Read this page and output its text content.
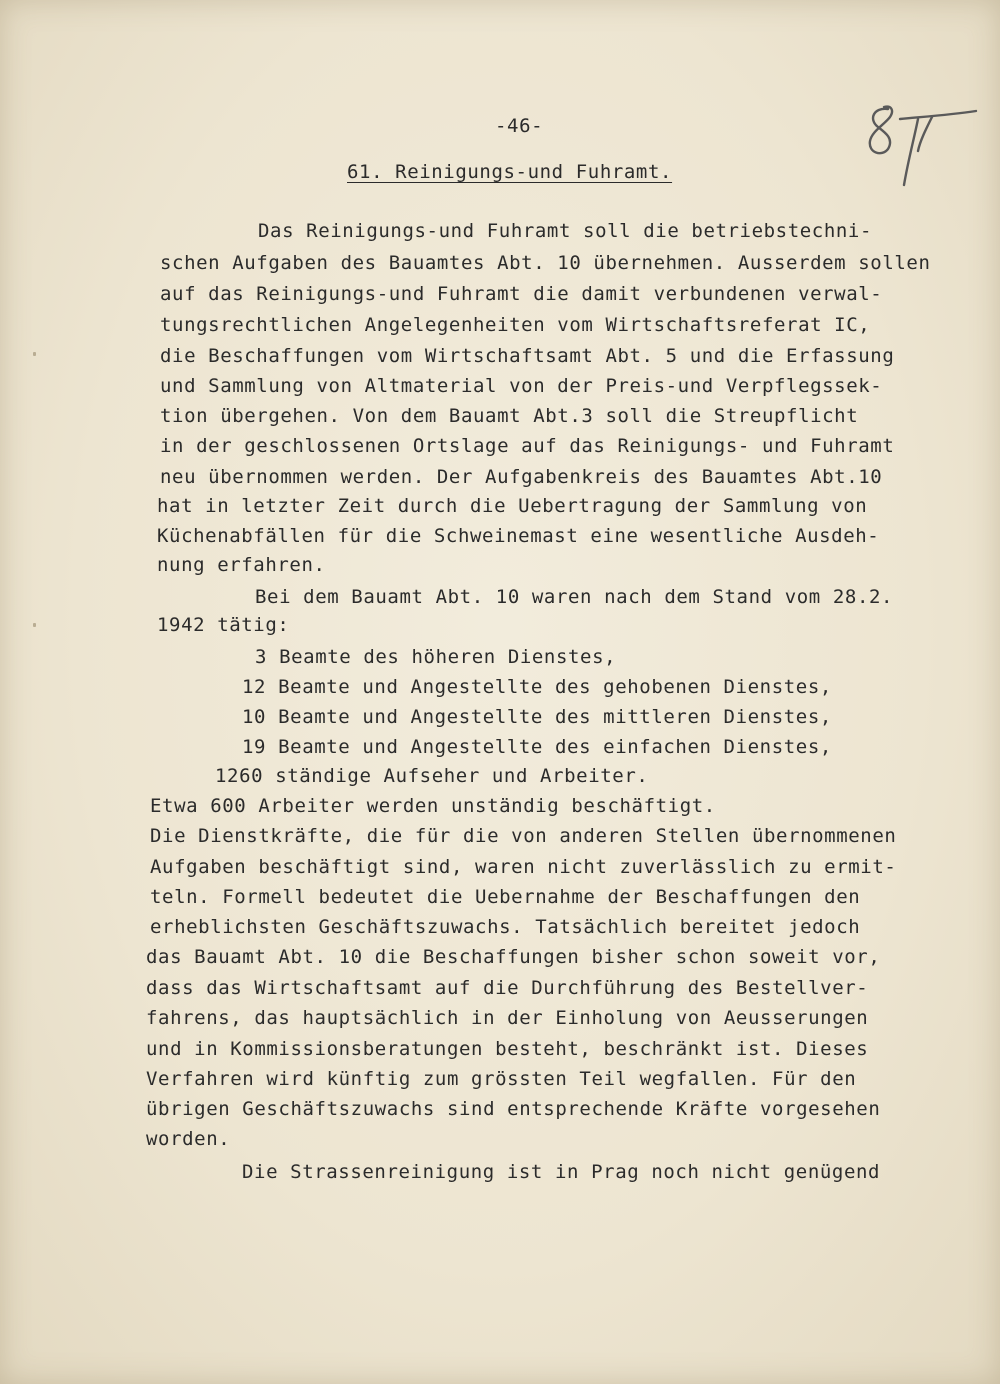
-46-
61. Reinigungs-und Fuhramt.
Das Reinigungs-und Fuhramt soll die betriebstechni-
schen Aufgaben des Bauamtes Abt. 10 übernehmen. Ausserdem sollen
auf das Reinigungs-und Fuhramt die damit verbundenen verwal-
tungsrechtlichen Angelegenheiten vom Wirtschaftsreferat IC,
die Beschaffungen vom Wirtschaftsamt Abt. 5 und die Erfassung
und Sammlung von Altmaterial von der Preis-und Verpflegssek-
tion übergehen. Von dem Bauamt Abt.3 soll die Streupflicht
in der geschlossenen Ortslage auf das Reinigungs- und Fuhramt
neu übernommen werden. Der Aufgabenkreis des Bauamtes Abt.10
hat in letzter Zeit durch die Uebertragung der Sammlung von
Küchenabfällen für die Schweinemast eine wesentliche Ausdeh-
nung erfahren.
Bei dem Bauamt Abt. 10 waren nach dem Stand vom 28.2.
1942 tätig:
3 Beamte des höheren Dienstes,
12 Beamte und Angestellte des gehobenen Dienstes,
10 Beamte und Angestellte des mittleren Dienstes,
19 Beamte und Angestellte des einfachen Dienstes,
1260 ständige Aufseher und Arbeiter.
Etwa 600 Arbeiter werden unständig beschäftigt.
Die Dienstkräfte, die für die von anderen Stellen übernommenen
Aufgaben beschäftigt sind, waren nicht zuverlässlich zu ermit-
teln. Formell bedeutet die Uebernahme der Beschaffungen den
erheblichsten Geschäftszuwachs. Tatsächlich bereitet jedoch
das Bauamt Abt. 10 die Beschaffungen bisher schon soweit vor,
dass das Wirtschaftsamt auf die Durchführung des Bestellver-
fahrens, das hauptsächlich in der Einholung von Aeusserungen
und in Kommissionsberatungen besteht, beschränkt ist. Dieses
Verfahren wird künftig zum grössten Teil wegfallen. Für den
übrigen Geschäftszuwachs sind entsprechende Kräfte vorgesehen
worden.
Die Strassenreinigung ist in Prag noch nicht genügend
